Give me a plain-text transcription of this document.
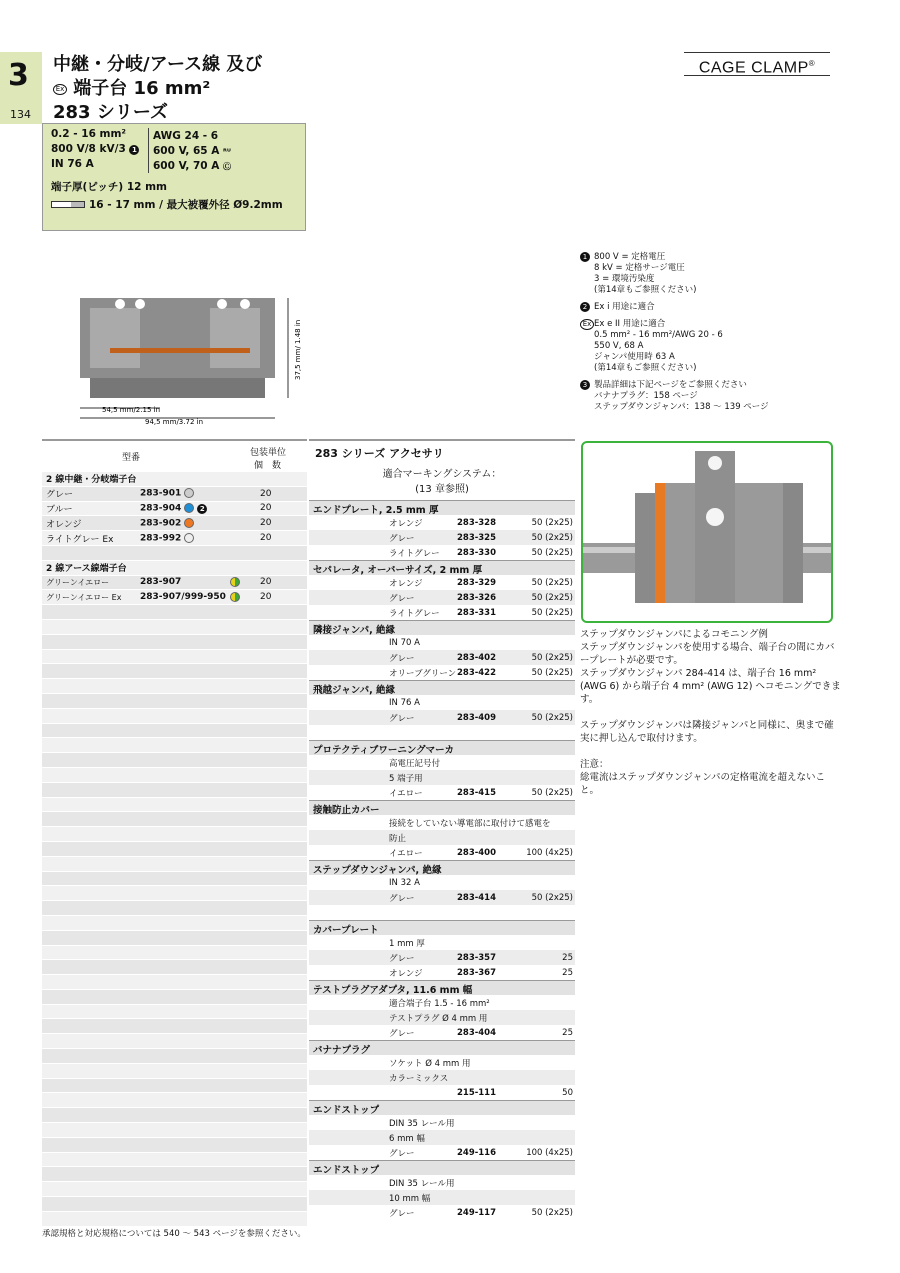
3
134
中継・分岐/アース線 及び
Ex 端子台 16 mm²
283 シリーズ
CAGE CLAMP®
0.2 - 16 mm²	AWG 24 - 6
800 V/8 kV/3 1	600 V, 65 A ᴿᵁ
IN 76 A	600 V, 70 A Ⓒ
端子厚(ピッチ) 12 mm
16 - 17 mm / 最大被覆外径 Ø9.2mm
54,5 mm/2.15 in
94,5 mm/3.72 in
37,5 mm/ 1.48 in
1 800 V = 定格電圧
8 kV = 定格サージ電圧
3 = 環境汚染度
(第14章もご参照ください)
2 Ex i 用途に適合
Ex Ex e II 用途に適合
0.5 mm² - 16 mm²/AWG 20 - 6
550 V, 68 A
ジャンパ使用時 63 A
(第14章もご参照ください)
3 製品詳細は下記ページをご参照ください
バナナプラグ：158 ページ
ステップダウンジャンパ：138 ～ 139 ページ
型番	包装単位
個　数
2 線中継・分岐端子台
グレー	283-901	20
ブルー	283-904	2	20
オレンジ	283-902	20
ライトグレー Ex	283-992	20
2 線アース線端子台
グリーンイエロー	283-907	20
グリーンイエロー Ex 283-907/999-950	20
283 シリーズ アクセサリ
適合マーキングシステム：
(13 章参照)
エンドプレート, 2.5 mm 厚
オレンジ	283-328	50 (2x25)
グレー	283-325	50 (2x25)
ライトグレー 283-330	50 (2x25)
セパレータ, オーバーサイズ, 2 mm 厚
オレンジ	283-329	50 (2x25)
グレー	283-326	50 (2x25)
ライトグレー 283-331	50 (2x25)
隣接ジャンパ, 絶縁
IN 70 A
グレー	283-402	50 (2x25)
オリーブグリーン 283-422	50 (2x25)
飛越ジャンパ, 絶縁
IN 76 A
グレー	283-409	50 (2x25)
プロテクティブワーニングマーカ
高電圧記号付
5 端子用
イエロー	283-415	50 (2x25)
接触防止カバー
接続をしていない導電部に取付けて感電を
防止
イエロー	283-400	100 (4x25)
ステップダウンジャンパ, 絶縁
IN 32 A
グレー	283-414	50 (2x25)
カバープレート
1 mm 厚
グレー	283-357	25
オレンジ	283-367	25
テストプラグアダプタ, 11.6 mm 幅
適合端子台 1.5 - 16 mm²
テストプラグ Ø 4 mm 用
グレー	283-404	25
バナナプラグ
ソケット Ø 4 mm 用
カラーミックス
215-111	50
エンドストップ
DIN 35 レール用
6 mm 幅
グレー	249-116	100 (4x25)
エンドストップ
DIN 35 レール用
10 mm 幅
グレー	249-117	50 (2x25)
ステップダウンジャンパによるコモニング例
ステップダウンジャンパを使用する場合、端子台の間にカバープレートが必要です。
ステップダウンジャンパ 284-414 は、端子台 16 mm² (AWG 6) から端子台 4 mm² (AWG 12) へコモニングできます。
ステップダウンジャンパは隣接ジャンパと同様に、奥まで確実に押し込んで取付けます。
注意：
総電流はステップダウンジャンパの定格電流を超えないこと。
承認規格と対応規格については 540 ～ 543 ページを参照ください。
